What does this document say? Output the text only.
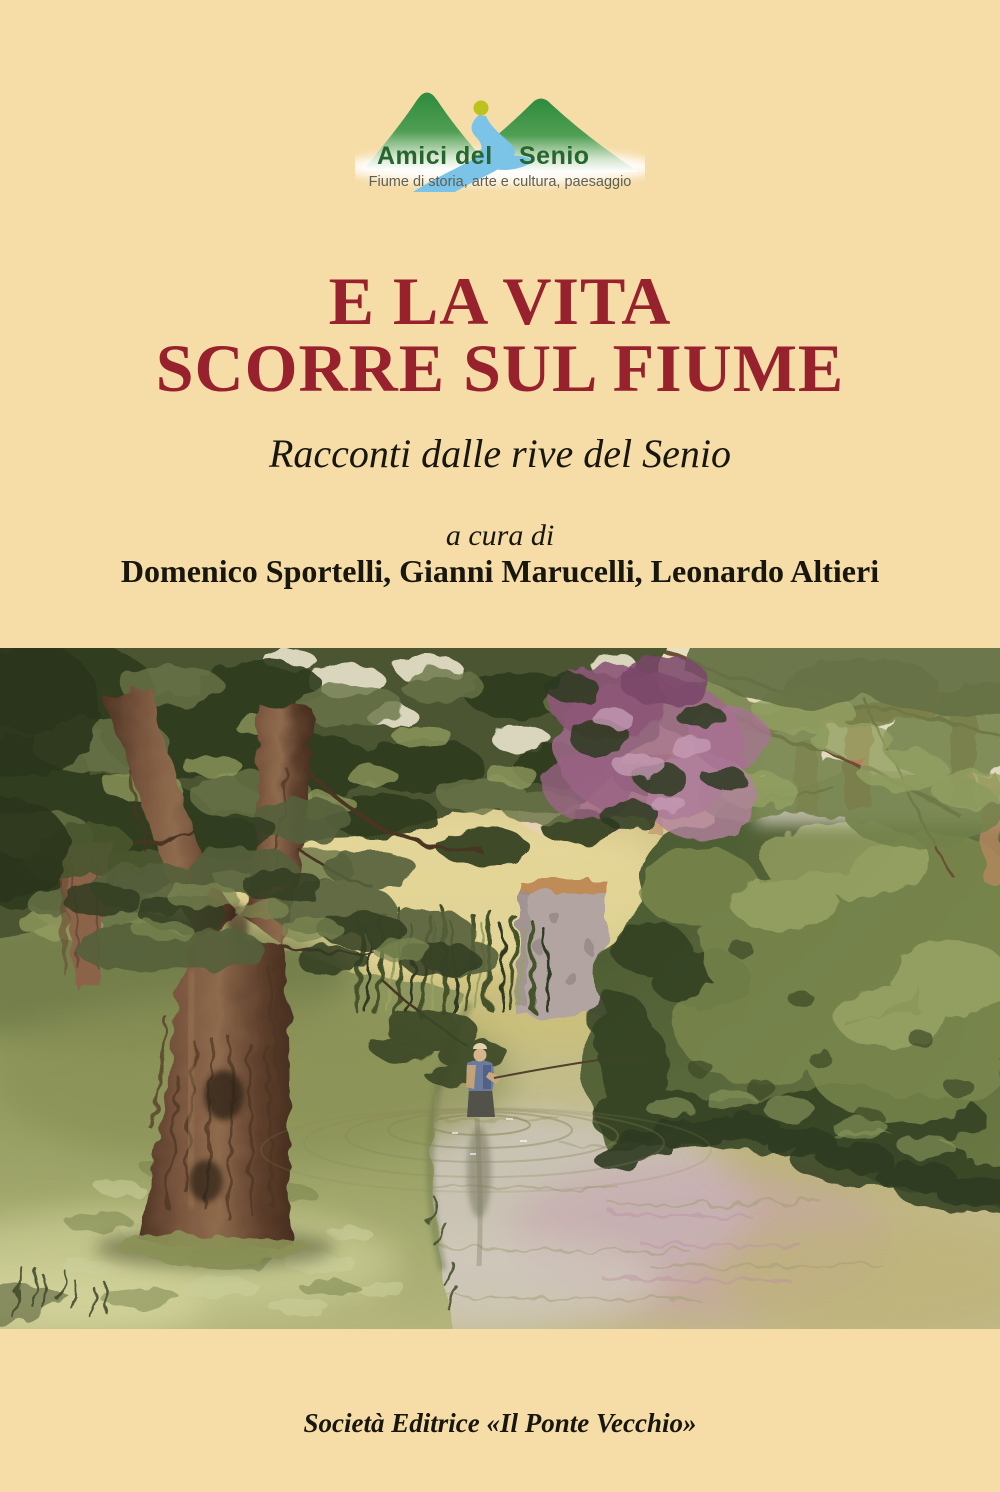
Amici del Senio
Fiume di storia, arte e cultura, paesaggio
E LA VITA
SCORRE SUL FIUME
Racconti dalle rive del Senio
a cura di
Domenico Sportelli, Gianni Marucelli, Leonardo Altieri
Società Editrice «Il Ponte Vecchio»
